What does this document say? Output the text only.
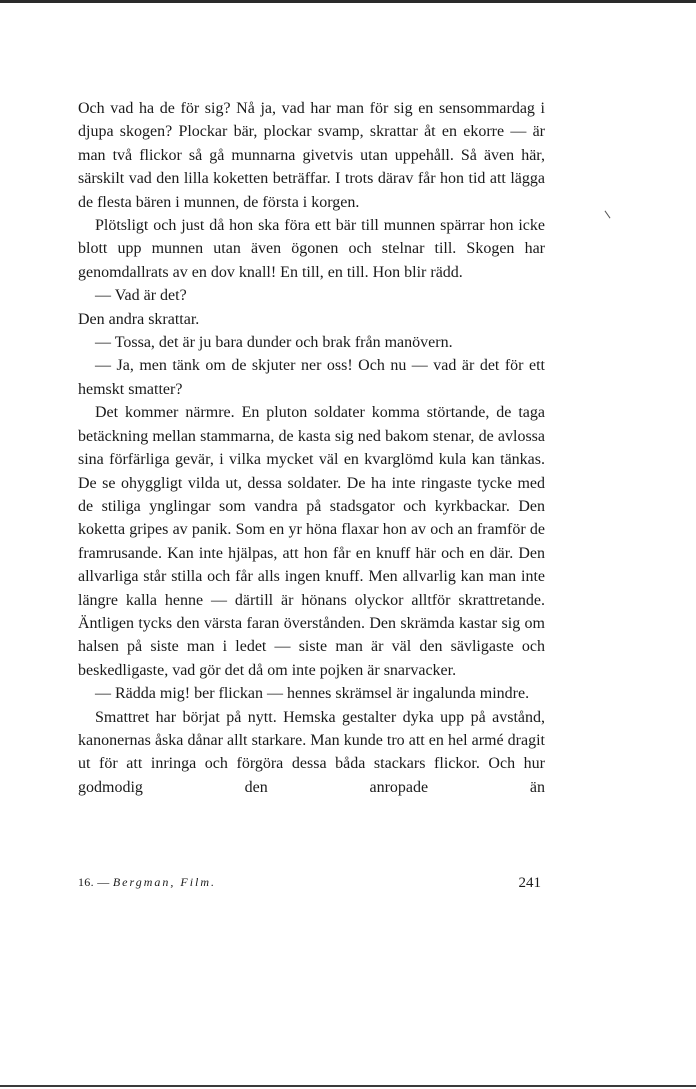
Och vad ha de för sig? Nå ja, vad har man för sig en sensommardag i djupa skogen? Plockar bär, plockar svamp, skrattar åt en ekorre — är man två flickor så gå munnarna givetvis utan uppehåll. Så även här, särskilt vad den lilla koketten beträffar. I trots därav får hon tid att lägga de flesta bären i munnen, de första i korgen.

Plötsligt och just då hon ska föra ett bär till munnen spärrar hon icke blott upp munnen utan även ögonen och stelnar till. Skogen har genomdallrats av en dov knall! En till, en till. Hon blir rädd.

— Vad är det?

Den andra skrattar.

— Tossa, det är ju bara dunder och brak från manövern.

— Ja, men tänk om de skjuter ner oss! Och nu — vad är det för ett hemskt smatter?

Det kommer närmre. En pluton soldater komma störtande, de taga betäckning mellan stammarna, de kasta sig ned bakom stenar, de avlossa sina förfärliga gevär, i vilka mycket väl en kvarglömd kula kan tänkas. De se ohyggligt vilda ut, dessa soldater. De ha inte ringaste tycke med de stiliga ynglingar som vandra på stadsgator och kyrkbackar. Den koketta gripes av panik. Som en yr höna flaxar hon av och an framför de framrusande. Kan inte hjälpas, att hon får en knuff här och en där. Den allvarliga står stilla och får alls ingen knuff. Men allvarlig kan man inte längre kalla henne — därtill är hönans olyckor alltför skrattretande. Äntligen tycks den värsta faran överstånden. Den skrämda kastar sig om halsen på siste man i ledet — siste man är väl den sävligaste och beskedligaste, vad gör det då om inte pojken är snarvacker.

— Rädda mig! ber flickan — hennes skrämsel är ingalunda mindre.

Smattret har börjat på nytt. Hemska gestalter dyka upp på avstånd, kanonernas åska dånar allt starkare. Man kunde tro att en hel armé dragit ut för att inringa och förgöra dessa båda stackars flickor. Och hur godmodig den anropade än

16. — Bergman, Film.	241
